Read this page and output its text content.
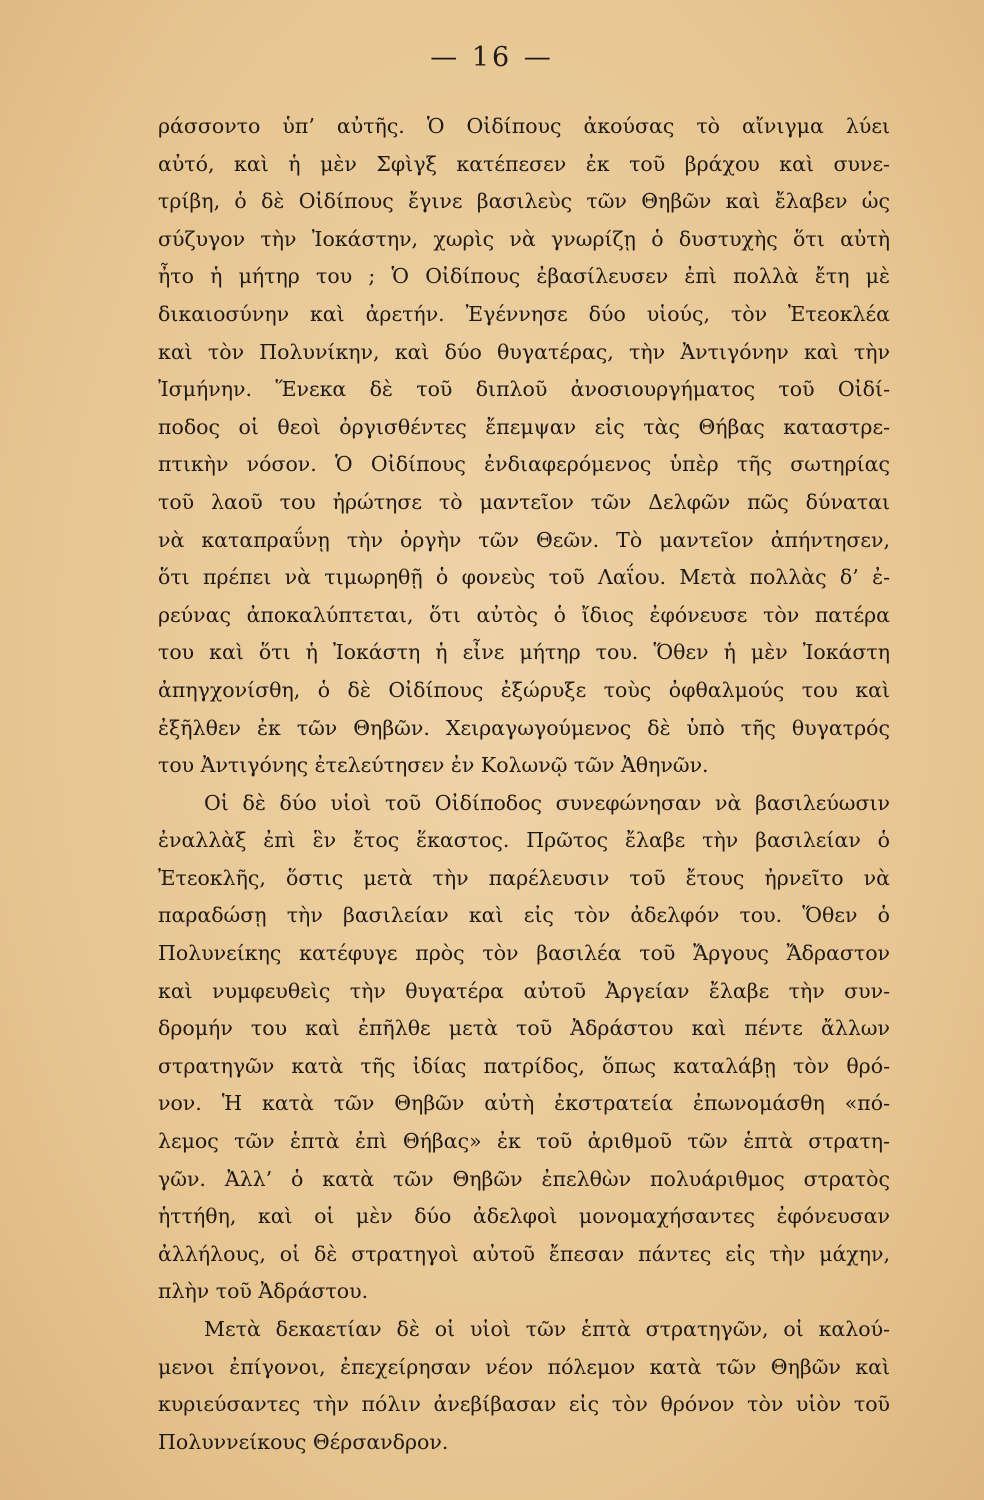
— 16 —
ράσσοντο ὑπ’ αὐτῆς. Ὁ Οἰδίπους ἀκούσας τὸ αἴνιγμα λύει
αὐτό, καὶ ἡ μὲν Σφὶγξ κατέπεσεν ἐκ τοῦ βράχου καὶ συνε-
τρίβη, ὁ δὲ Οἰδίπους ἔγινε βασιλεὺς τῶν Θηβῶν καὶ ἔλαβεν ὡς
σύζυγον τὴν Ἰοκάστην, χωρὶς νὰ γνωρίζῃ ὁ δυστυχὴς ὅτι αὐτὴ
ἦτο ἡ μήτηρ του ; Ὁ Οἰδίπους ἐβασίλευσεν ἐπὶ πολλὰ ἔτη μὲ
δικαιοσύνην καὶ ἀρετήν. Ἐγέννησε δύο υἱούς, τὸν Ἐτεοκλέα
καὶ τὸν Πολυνίκην, καὶ δύο θυγατέρας, τὴν Ἀντιγόνην καὶ τὴν
Ἰσμήνην. Ἕνεκα δὲ τοῦ διπλοῦ ἀνοσιουργήματος τοῦ Οἰδί-
ποδος οἱ θεοὶ ὀργισθέντες ἔπεμψαν εἰς τὰς Θήβας καταστρε-
πτικὴν νόσον. Ὁ Οἰδίπους ἐνδιαφερόμενος ὑπὲρ τῆς σωτηρίας
τοῦ λαοῦ του ἠρώτησε τὸ μαντεῖον τῶν Δελφῶν πῶς δύναται
νὰ καταπραΰνῃ τὴν ὀργὴν τῶν Θεῶν. Τὸ μαντεῖον ἀπήντησεν,
ὅτι πρέπει νὰ τιμωρηθῇ ὁ φονεὺς τοῦ Λαΐου. Μετὰ πολλὰς δ’ ἐ-
ρεύνας ἀποκαλύπτεται, ὅτι αὐτὸς ὁ ἴδιος ἐφόνευσε τὸν πατέρα
του καὶ ὅτι ἡ Ἰοκάστη ἡ εἶνε μήτηρ του. Ὅθεν ἡ μὲν Ἰοκάστη
ἀπηγχονίσθη, ὁ δὲ Οἰδίπους ἐξώρυξε τοὺς ὀφθαλμούς του καὶ
ἐξῆλθεν ἐκ τῶν Θηβῶν. Χειραγωγούμενος δὲ ὑπὸ τῆς θυγατρός
του Ἀντιγόνης ἐτελεύτησεν ἐν Κολωνῷ τῶν Ἀθηνῶν.
Οἱ δὲ δύο υἱοὶ τοῦ Οἰδίποδος συνεφώνησαν νὰ βασιλεύωσιν
ἐναλλὰξ ἐπὶ ἓν ἔτος ἕκαστος. Πρῶτος ἔλαβε τὴν βασιλείαν ὁ
Ἐτεοκλῆς, ὅστις μετὰ τὴν παρέλευσιν τοῦ ἔτους ἠρνεῖτο νὰ
παραδώσῃ τὴν βασιλείαν καὶ εἰς τὸν ἀδελφόν του. Ὅθεν ὁ
Πολυνείκης κατέφυγε πρὸς τὸν βασιλέα τοῦ Ἄργους Ἄδραστον
καὶ νυμφευθεὶς τὴν θυγατέρα αὐτοῦ Ἀργείαν ἔλαβε τὴν συν-
δρομήν του καὶ ἐπῆλθε μετὰ τοῦ Ἀδράστου καὶ πέντε ἄλλων
στρατηγῶν κατὰ τῆς ἰδίας πατρίδος, ὅπως καταλάβῃ τὸν θρό-
νον. Ἡ κατὰ τῶν Θηβῶν αὐτὴ ἐκστρατεία ἐπωνομάσθη «πό-
λεμος τῶν ἑπτὰ ἐπὶ Θήβας» ἐκ τοῦ ἀριθμοῦ τῶν ἑπτὰ στρατη-
γῶν. Ἀλλ’ ὁ κατὰ τῶν Θηβῶν ἐπελθὼν πολυάριθμος στρατὸς
ἡττήθη, καὶ οἱ μὲν δύο ἀδελφοὶ μονομαχήσαντες ἐφόνευσαν
ἀλλήλους, οἱ δὲ στρατηγοὶ αὐτοῦ ἔπεσαν πάντες εἰς τὴν μάχην,
πλὴν τοῦ Ἀδράστου.
Μετὰ δεκαετίαν δὲ οἱ υἱοὶ τῶν ἑπτὰ στρατηγῶν, οἱ καλού-
μενοι ἐπίγονοι, ἐπεχείρησαν νέον πόλεμον κατὰ τῶν Θηβῶν καὶ
κυριεύσαντες τὴν πόλιν ἀνεβίβασαν εἰς τὸν θρόνον τὸν υἱὸν τοῦ
Πολυννείκους Θέρσανδρον.
